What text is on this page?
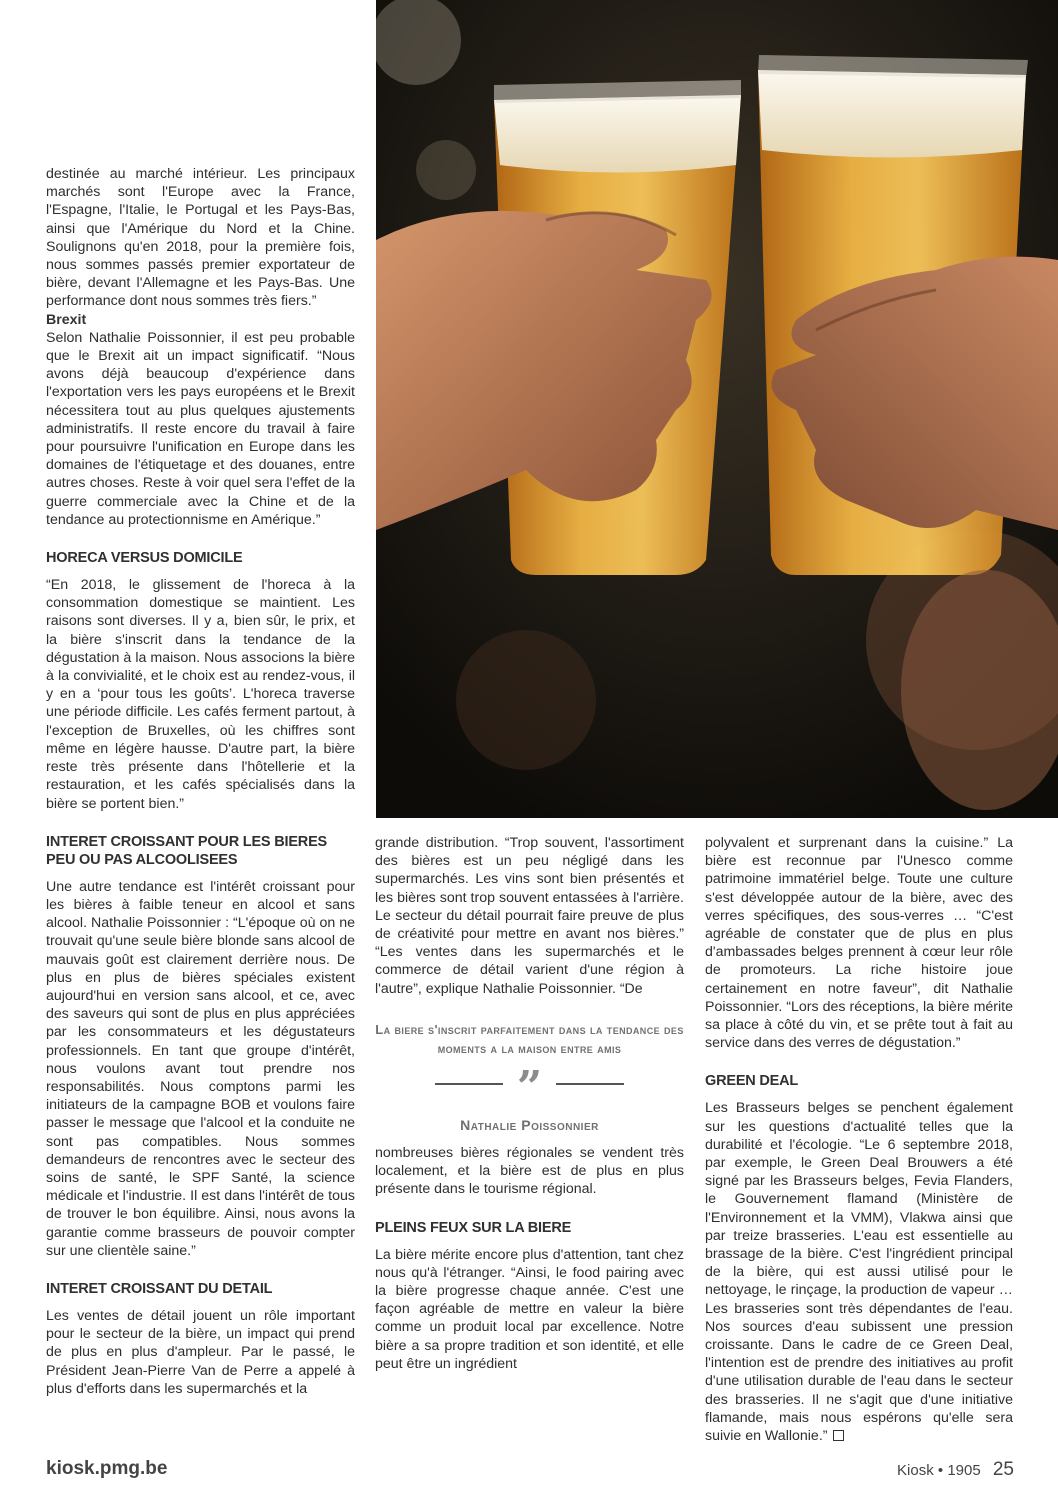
destinée au marché intérieur. Les principaux marchés sont l'Europe avec la France, l'Espagne, l'Italie, le Portugal et les Pays-Bas, ainsi que l'Amérique du Nord et la Chine. Soulignons qu'en 2018, pour la première fois, nous sommes passés premier exportateur de bière, devant l'Allemagne et les Pays-Bas. Une performance dont nous sommes très fiers.”

Brexit

Selon Nathalie Poissonnier, il est peu probable que le Brexit ait un impact significatif. “Nous avons déjà beaucoup d'expérience dans l'exportation vers les pays européens et le Brexit nécessitera tout au plus quelques ajustements administratifs. Il reste encore du travail à faire pour poursuivre l'unification en Europe dans les domaines de l'étiquetage et des douanes, entre autres choses. Reste à voir quel sera l'effet de la guerre commerciale avec la Chine et de la tendance au protectionnisme en Amérique.”

HORECA VERSUS DOMICILE

“En 2018, le glissement de l'horeca à la consommation domestique se maintient. Les raisons sont diverses. Il y a, bien sûr, le prix, et la bière s'inscrit dans la tendance de la dégustation à la maison. Nous associons la bière à la convivialité, et le choix est au rendez-vous, il y en a ‘pour tous les goûts’. L'horeca traverse une période difficile. Les cafés ferment partout, à l'exception de Bruxelles, où les chiffres sont même en légère hausse. D'autre part, la bière reste très présente dans l'hôtellerie et la restauration, et les cafés spécialisés dans la bière se portent bien.”

INTERET CROISSANT POUR LES BIERES PEU OU PAS ALCOOLISEES

Une autre tendance est l'intérêt croissant pour les bières à faible teneur en alcool et sans alcool. Nathalie Poissonnier : “L'époque où on ne trouvait qu'une seule bière blonde sans alcool de mauvais goût est clairement derrière nous. De plus en plus de bières spéciales existent aujourd'hui en version sans alcool, et ce, avec des saveurs qui sont de plus en plus appréciées par les consommateurs et les dégustateurs professionnels. En tant que groupe d'intérêt, nous voulons avant tout prendre nos responsabilités. Nous comptons parmi les initiateurs de la campagne BOB et voulons faire passer le message que l'alcool et la conduite ne sont pas compatibles. Nous sommes demandeurs de rencontres avec le secteur des soins de santé, le SPF Santé, la science médicale et l'industrie. Il est dans l'intérêt de tous de trouver le bon équilibre. Ainsi, nous avons la garantie comme brasseurs de pouvoir compter sur une clientèle saine.”

INTERET CROISSANT DU DETAIL

Les ventes de détail jouent un rôle important pour le secteur de la bière, un impact qui prend de plus en plus d'ampleur. Par le passé, le Président Jean-Pierre Van de Perre a appelé à plus d'efforts dans les supermarchés et la

grande distribution. “Trop souvent, l'assortiment des bières est un peu négligé dans les supermarchés. Les vins sont bien présentés et les bières sont trop souvent entassées à l'arrière. Le secteur du détail pourrait faire preuve de plus de créativité pour mettre en avant nos bières.” “Les ventes dans les supermarchés et le commerce de détail varient d'une région à l'autre”, explique Nathalie Poissonnier. “De

La biere s'inscrit parfaitement dans la tendance des moments a la maison entre amis
”
Nathalie Poissonnier

nombreuses bières régionales se vendent très localement, et la bière est de plus en plus présente dans le tourisme régional.

PLEINS FEUX SUR LA BIERE

La bière mérite encore plus d'attention, tant chez nous qu'à l'étranger. “Ainsi, le food pairing avec la bière progresse chaque année. C'est une façon agréable de mettre en valeur la bière comme un produit local par excellence. Notre bière a sa propre tradition et son identité, et elle peut être un ingrédient

polyvalent et surprenant dans la cuisine.” La bière est reconnue par l'Unesco comme patrimoine immatériel belge. Toute une culture s'est développée autour de la bière, avec des verres spécifiques, des sous-verres … “C'est agréable de constater que de plus en plus d'ambassades belges prennent à cœur leur rôle de promoteurs. La riche histoire joue certainement en notre faveur”, dit Nathalie Poissonnier. “Lors des réceptions, la bière mérite sa place à côté du vin, et se prête tout à fait au service dans des verres de dégustation.”

GREEN DEAL

Les Brasseurs belges se penchent également sur les questions d'actualité telles que la durabilité et l'écologie. “Le 6 septembre 2018, par exemple, le Green Deal Brouwers a été signé par les Brasseurs belges, Fevia Flanders, le Gouvernement flamand (Ministère de l'Environnement et la VMM), Vlakwa ainsi que par treize brasseries. L'eau est essentielle au brassage de la bière. C'est l'ingrédient principal de la bière, qui est aussi utilisé pour le nettoyage, le rinçage, la production de vapeur … Les brasseries sont très dépendantes de l'eau. Nos sources d'eau subissent une pression croissante. Dans le cadre de ce Green Deal, l'intention est de prendre des initiatives au profit d'une utilisation durable de l'eau dans le secteur des brasseries. Il ne s'agit que d'une initiative flamande, mais nous espérons qu'elle sera suivie en Wallonie.”

kiosk.pmg.be	Kiosk • 1905 25
